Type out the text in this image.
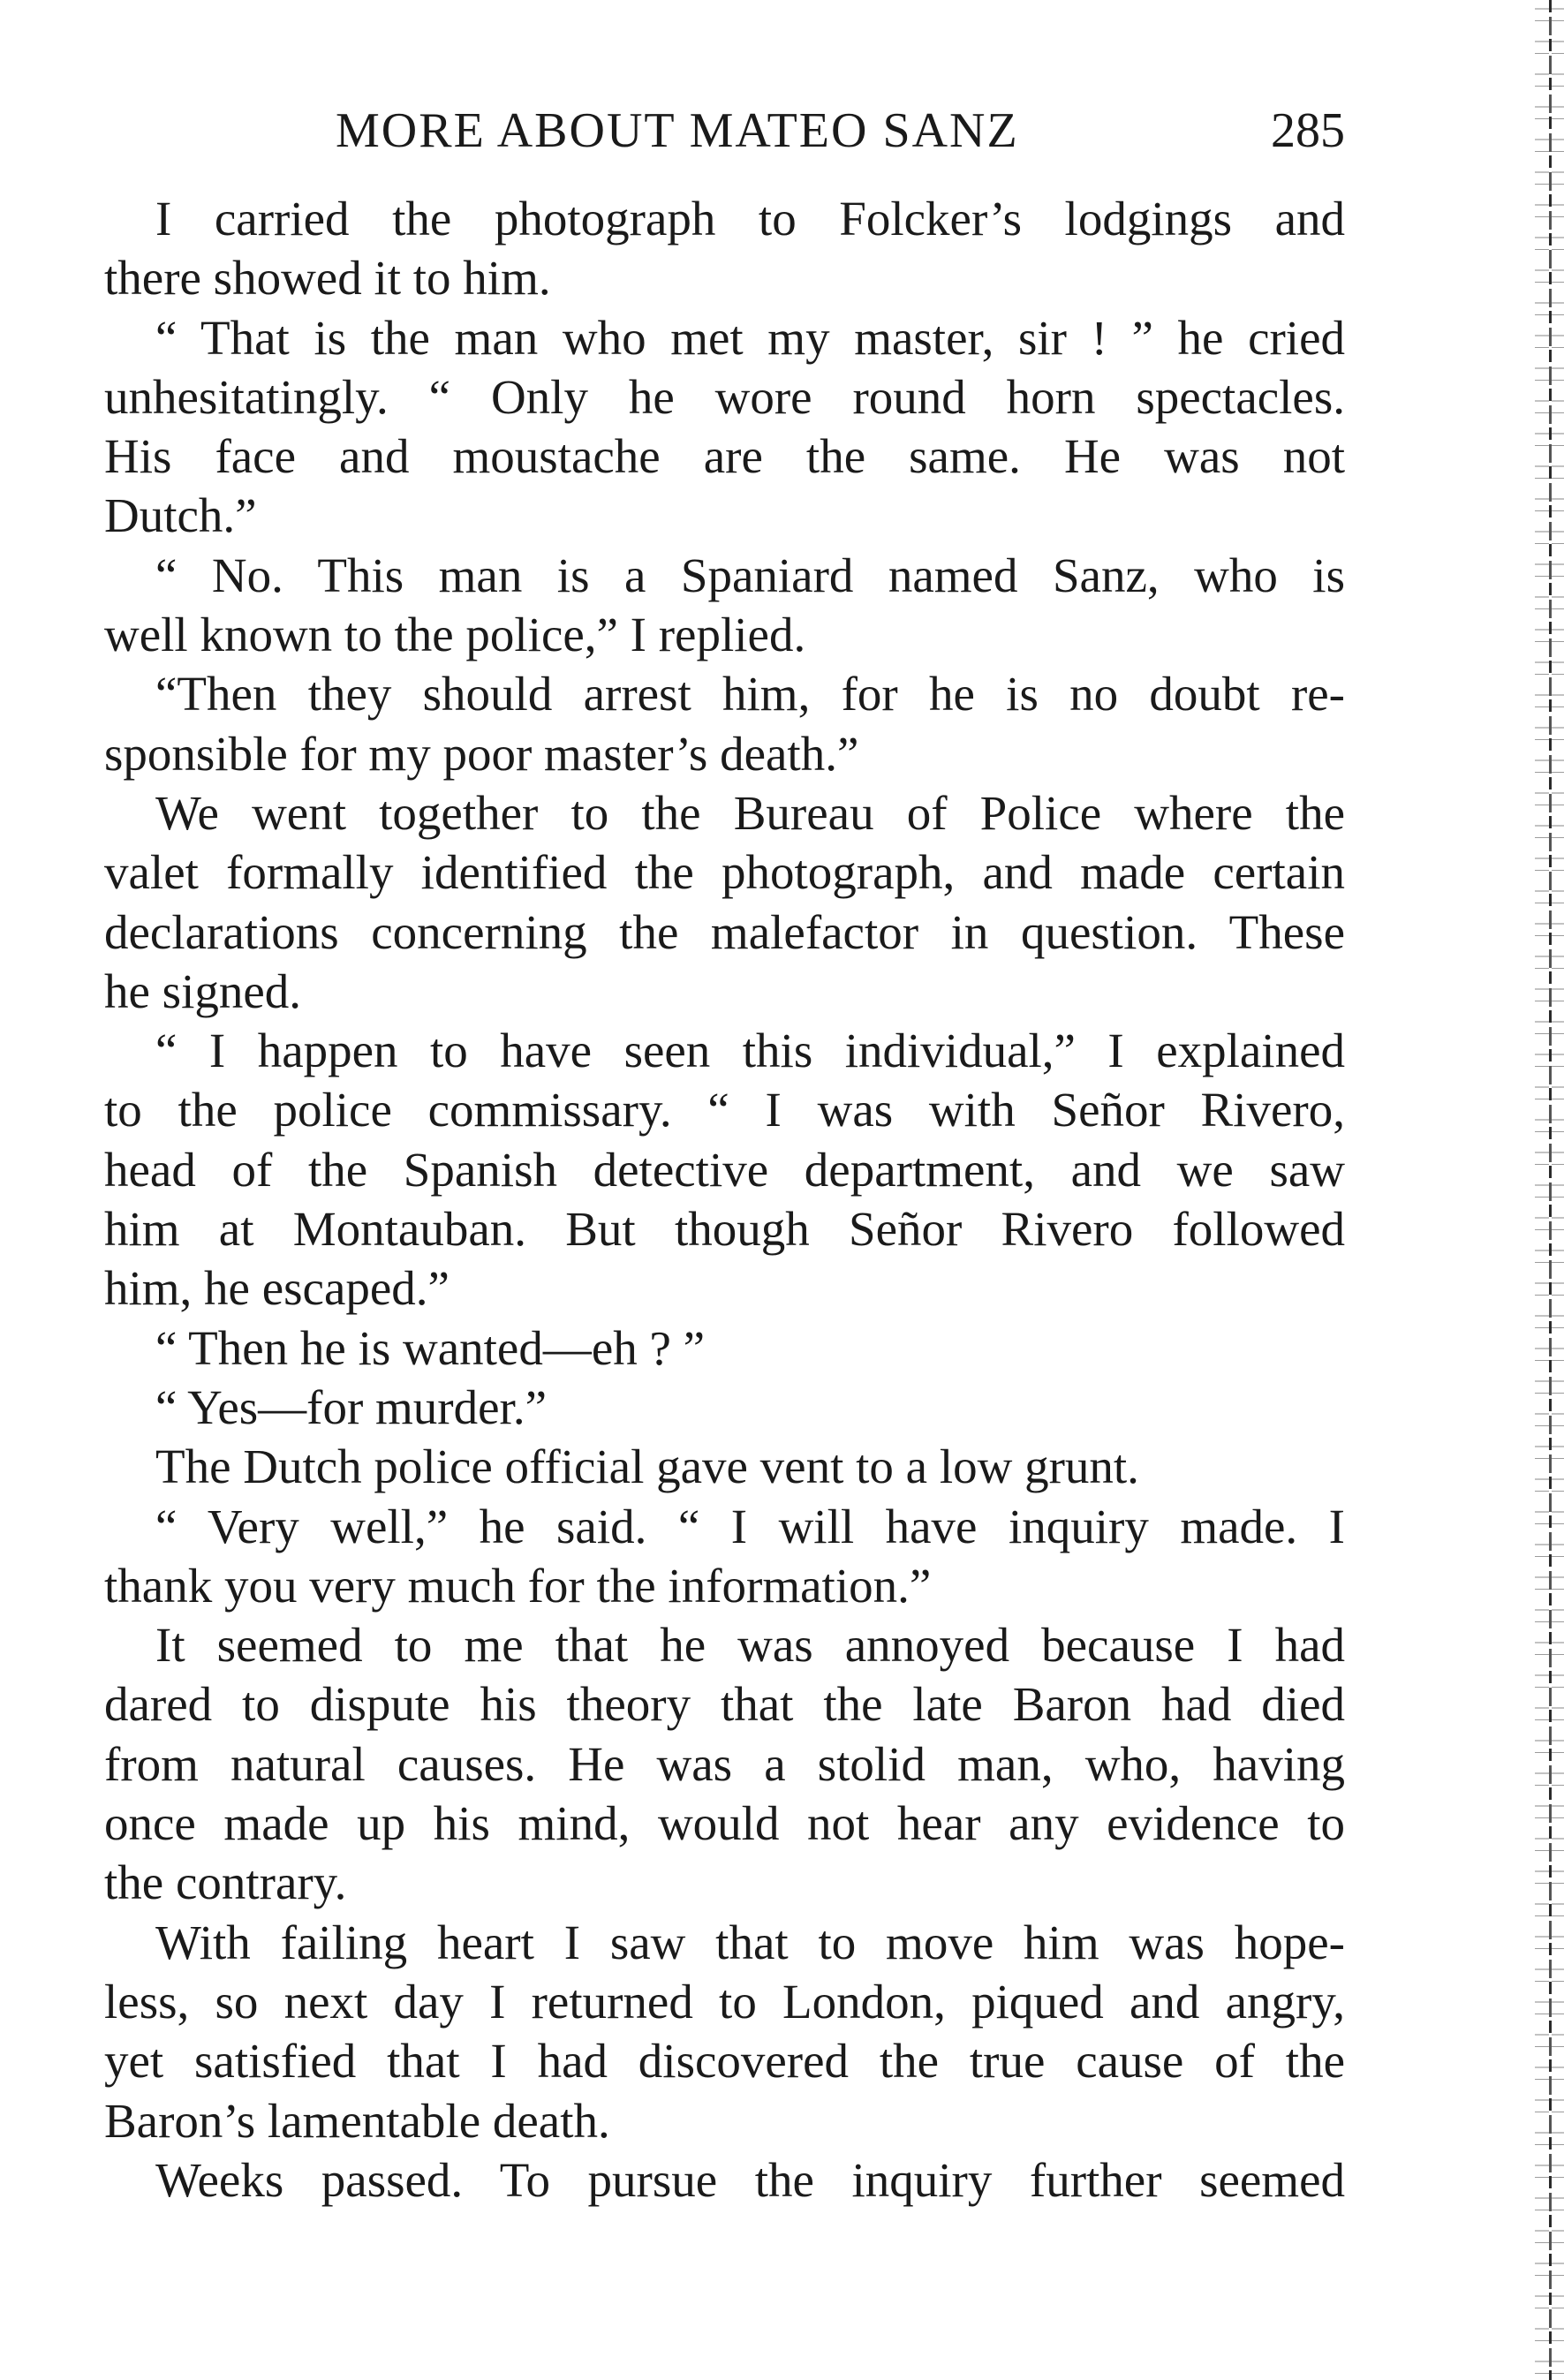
MORE ABOUT MATEO SANZ	285
I carried the photograph to Folcker’s lodgings and
there showed it to him.
“ That is the man who met my master, sir ! ” he cried
unhesitatingly. “ Only he wore round horn spectacles.
His face and moustache are the same. He was not
Dutch.”
“ No. This man is a Spaniard named Sanz, who is
well known to the police,” I replied.
“Then they should arrest him, for he is no doubt re-
sponsible for my poor master’s death.”
We went together to the Bureau of Police where the
valet formally identified the photograph, and made certain
declarations concerning the malefactor in question. These
he signed.
“ I happen to have seen this individual,” I explained
to the police commissary. “ I was with Señor Rivero,
head of the Spanish detective department, and we saw
him at Montauban. But though Señor Rivero followed
him, he escaped.”
“ Then he is wanted—eh ? ”
“ Yes—for murder.”
The Dutch police official gave vent to a low grunt.
“ Very well,” he said. “ I will have inquiry made. I
thank you very much for the information.”
It seemed to me that he was annoyed because I had
dared to dispute his theory that the late Baron had died
from natural causes. He was a stolid man, who, having
once made up his mind, would not hear any evidence to
the contrary.
With failing heart I saw that to move him was hope-
less, so next day I returned to London, piqued and angry,
yet satisfied that I had discovered the true cause of the
Baron’s lamentable death.
Weeks passed. To pursue the inquiry further seemed
